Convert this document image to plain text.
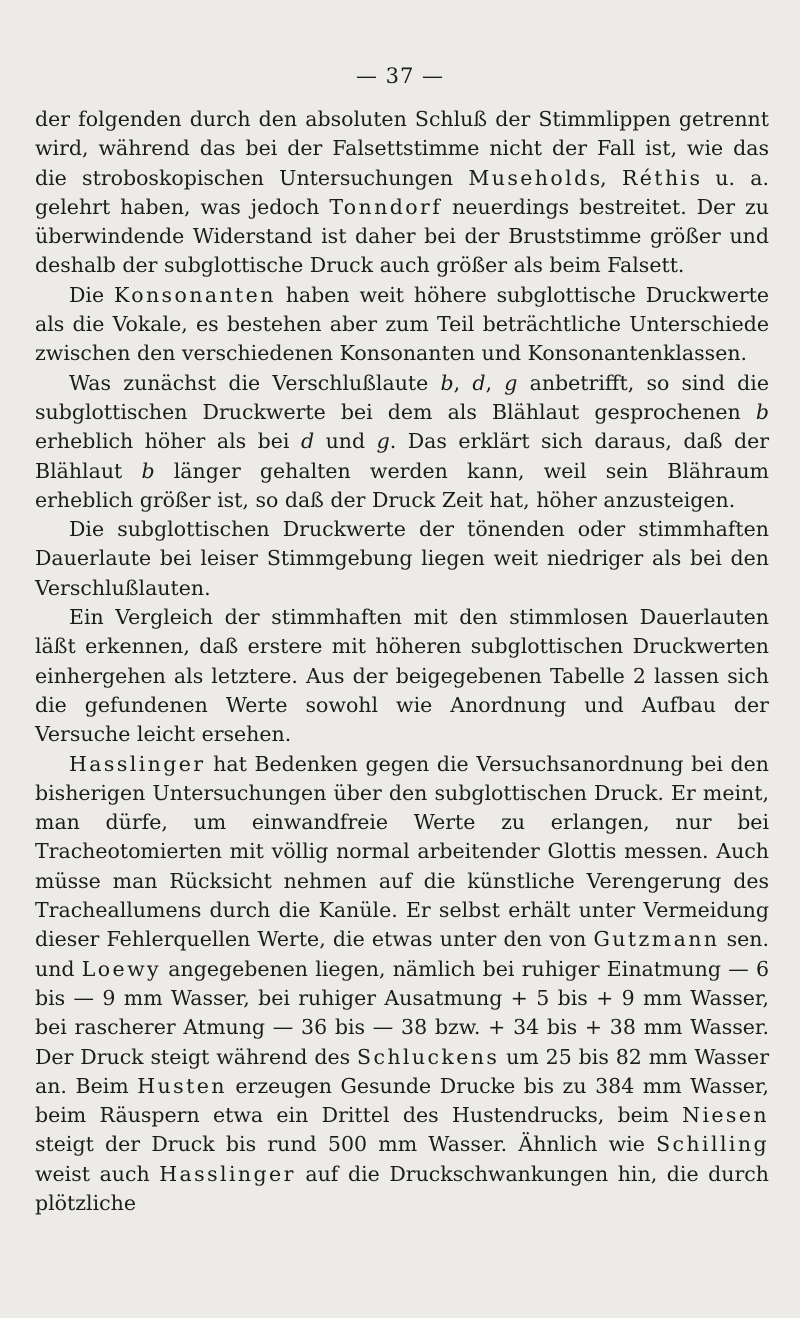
— 37 —

der folgenden durch den absoluten Schluß der Stimmlippen getrennt wird, während das bei der Falsettstimme nicht der Fall ist, wie das die stroboskopischen Untersuchungen Museholds, Réthis u. a. gelehrt haben, was jedoch Tonndorf neuerdings bestreitet. Der zu überwindende Widerstand ist daher bei der Bruststimme größer und deshalb der subglottische Druck auch größer als beim Falsett.

Die Konsonanten haben weit höhere subglottische Druckwerte als die Vokale, es bestehen aber zum Teil beträchtliche Unterschiede zwischen den verschiedenen Konsonanten und Konsonantenklassen.

Was zunächst die Verschlußlaute b, d, g anbetrifft, so sind die subglottischen Druckwerte bei dem als Blählaut gesprochenen b erheblich höher als bei d und g. Das erklärt sich daraus, daß der Blählaut b länger gehalten werden kann, weil sein Blähraum erheblich größer ist, so daß der Druck Zeit hat, höher anzusteigen.

Die subglottischen Druckwerte der tönenden oder stimmhaften Dauerlaute bei leiser Stimmgebung liegen weit niedriger als bei den Verschlußlauten.

Ein Vergleich der stimmhaften mit den stimmlosen Dauerlauten läßt erkennen, daß erstere mit höheren subglottischen Druckwerten einhergehen als letztere. Aus der beigegebenen Tabelle 2 lassen sich die gefundenen Werte sowohl wie Anordnung und Aufbau der Versuche leicht ersehen.

Hasslinger hat Bedenken gegen die Versuchsanordnung bei den bisherigen Untersuchungen über den subglottischen Druck. Er meint, man dürfe, um einwandfreie Werte zu erlangen, nur bei Tracheotomierten mit völlig normal arbeitender Glottis messen. Auch müsse man Rücksicht nehmen auf die künstliche Verengerung des Tracheallumens durch die Kanüle. Er selbst erhält unter Vermeidung dieser Fehlerquellen Werte, die etwas unter den von Gutzmann sen. und Loewy angegebenen liegen, nämlich bei ruhiger Einatmung — 6 bis — 9 mm Wasser, bei ruhiger Ausatmung + 5 bis + 9 mm Wasser, bei rascherer Atmung — 36 bis — 38 bzw. + 34 bis + 38 mm Wasser. Der Druck steigt während des Schluckens um 25 bis 82 mm Wasser an. Beim Husten erzeugen Gesunde Drucke bis zu 384 mm Wasser, beim Räuspern etwa ein Drittel des Hustendrucks, beim Niesen steigt der Druck bis rund 500 mm Wasser. Ähnlich wie Schilling weist auch Hasslinger auf die Druckschwankungen hin, die durch plötzliche
